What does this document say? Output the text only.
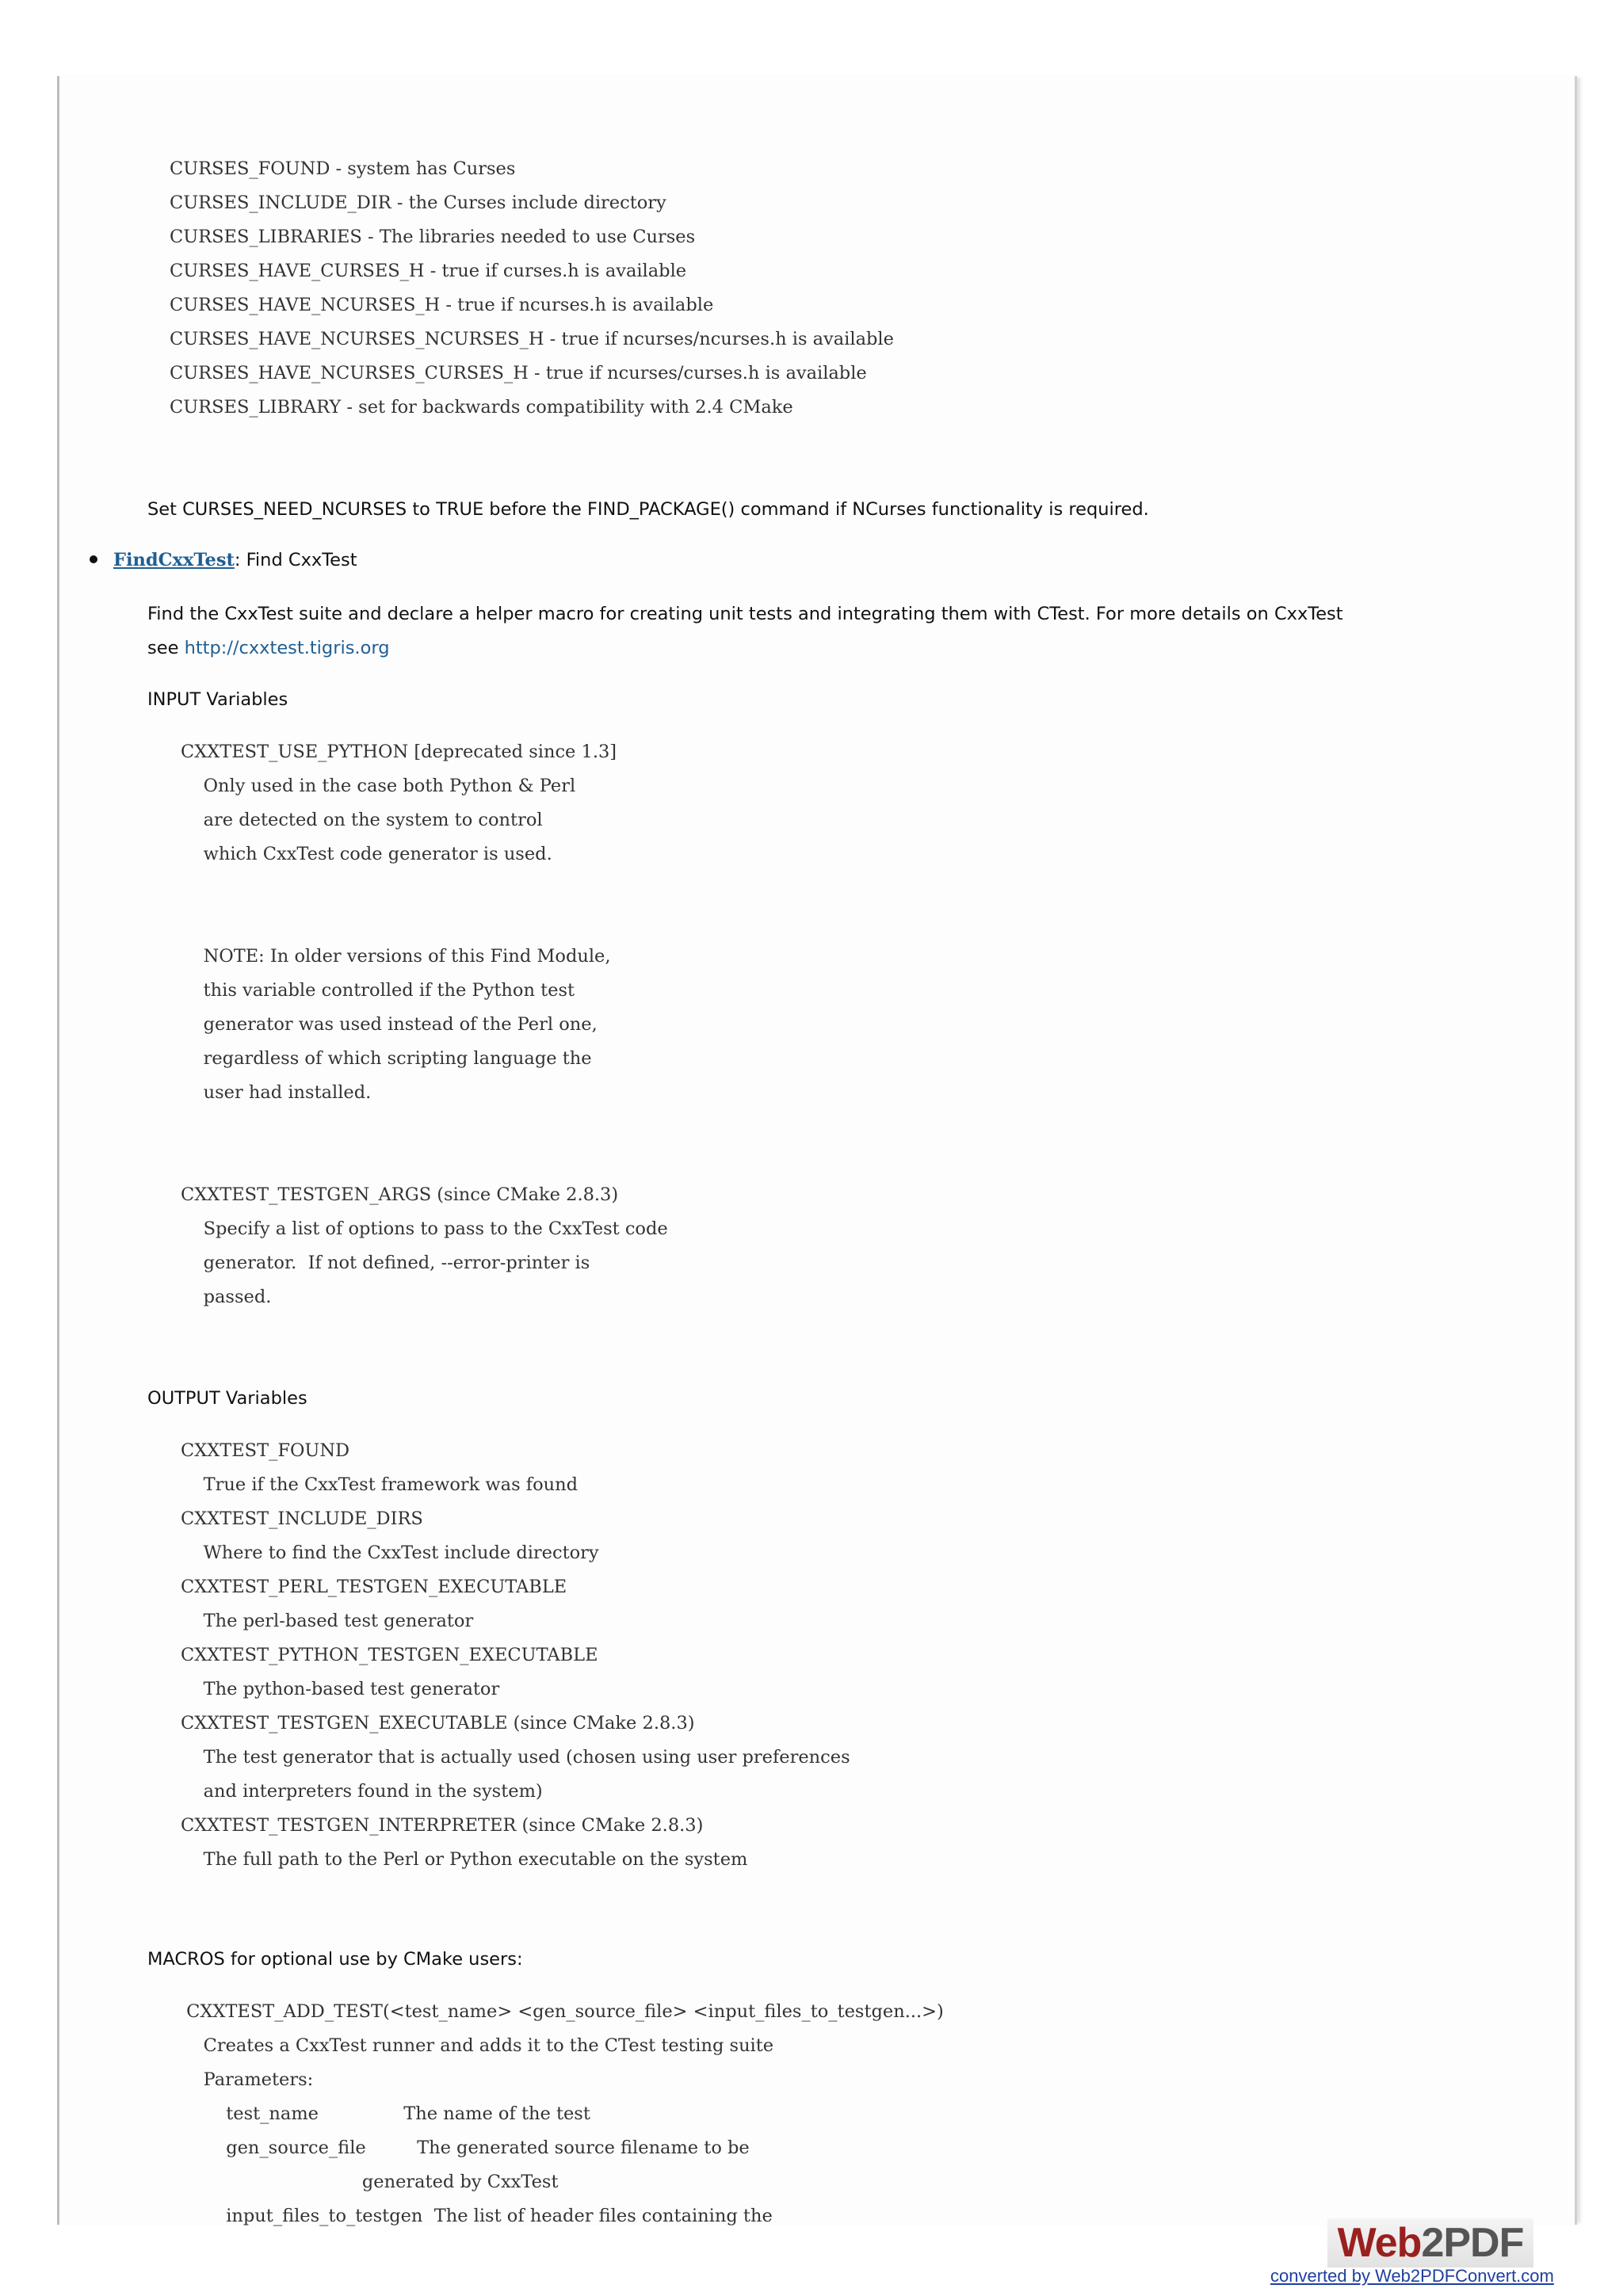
CURSES_FOUND - system has Curses
CURSES_INCLUDE_DIR - the Curses include directory
CURSES_LIBRARIES - The libraries needed to use Curses
CURSES_HAVE_CURSES_H - true if curses.h is available
CURSES_HAVE_NCURSES_H - true if ncurses.h is available
CURSES_HAVE_NCURSES_NCURSES_H - true if ncurses/ncurses.h is available
CURSES_HAVE_NCURSES_CURSES_H - true if ncurses/curses.h is available
CURSES_LIBRARY - set for backwards compatibility with 2.4 CMake

Set CURSES_NEED_NCURSES to TRUE before the FIND_PACKAGE() command if NCurses functionality is required.

FindCxxTest: Find CxxTest

Find the CxxTest suite and declare a helper macro for creating unit tests and integrating them with CTest. For more details on CxxTest

see http://cxxtest.tigris.org

INPUT Variables

CXXTEST_USE_PYTHON [deprecated since 1.3]
Only used in the case both Python & Perl
are detected on the system to control
which CxxTest code generator is used.

NOTE: In older versions of this Find Module,
this variable controlled if the Python test
generator was used instead of the Perl one,
regardless of which scripting language the
user had installed.

CXXTEST_TESTGEN_ARGS (since CMake 2.8.3)
Specify a list of options to pass to the CxxTest code
generator.  If not defined, --error-printer is
passed.

OUTPUT Variables

CXXTEST_FOUND
True if the CxxTest framework was found
CXXTEST_INCLUDE_DIRS
Where to find the CxxTest include directory
CXXTEST_PERL_TESTGEN_EXECUTABLE
The perl-based test generator
CXXTEST_PYTHON_TESTGEN_EXECUTABLE
The python-based test generator
CXXTEST_TESTGEN_EXECUTABLE (since CMake 2.8.3)
The test generator that is actually used (chosen using user preferences
and interpreters found in the system)
CXXTEST_TESTGEN_INTERPRETER (since CMake 2.8.3)
The full path to the Perl or Python executable on the system

MACROS for optional use by CMake users:

CXXTEST_ADD_TEST(<test_name> <gen_source_file> <input_files_to_testgen...>)
Creates a CxxTest runner and adds it to the CTest testing suite
Parameters:
test_name               The name of the test
gen_source_file         The generated source filename to be
generated by CxxTest
input_files_to_testgen  The list of header files containing the
Web2PDF
converted by Web2PDFConvert.com
